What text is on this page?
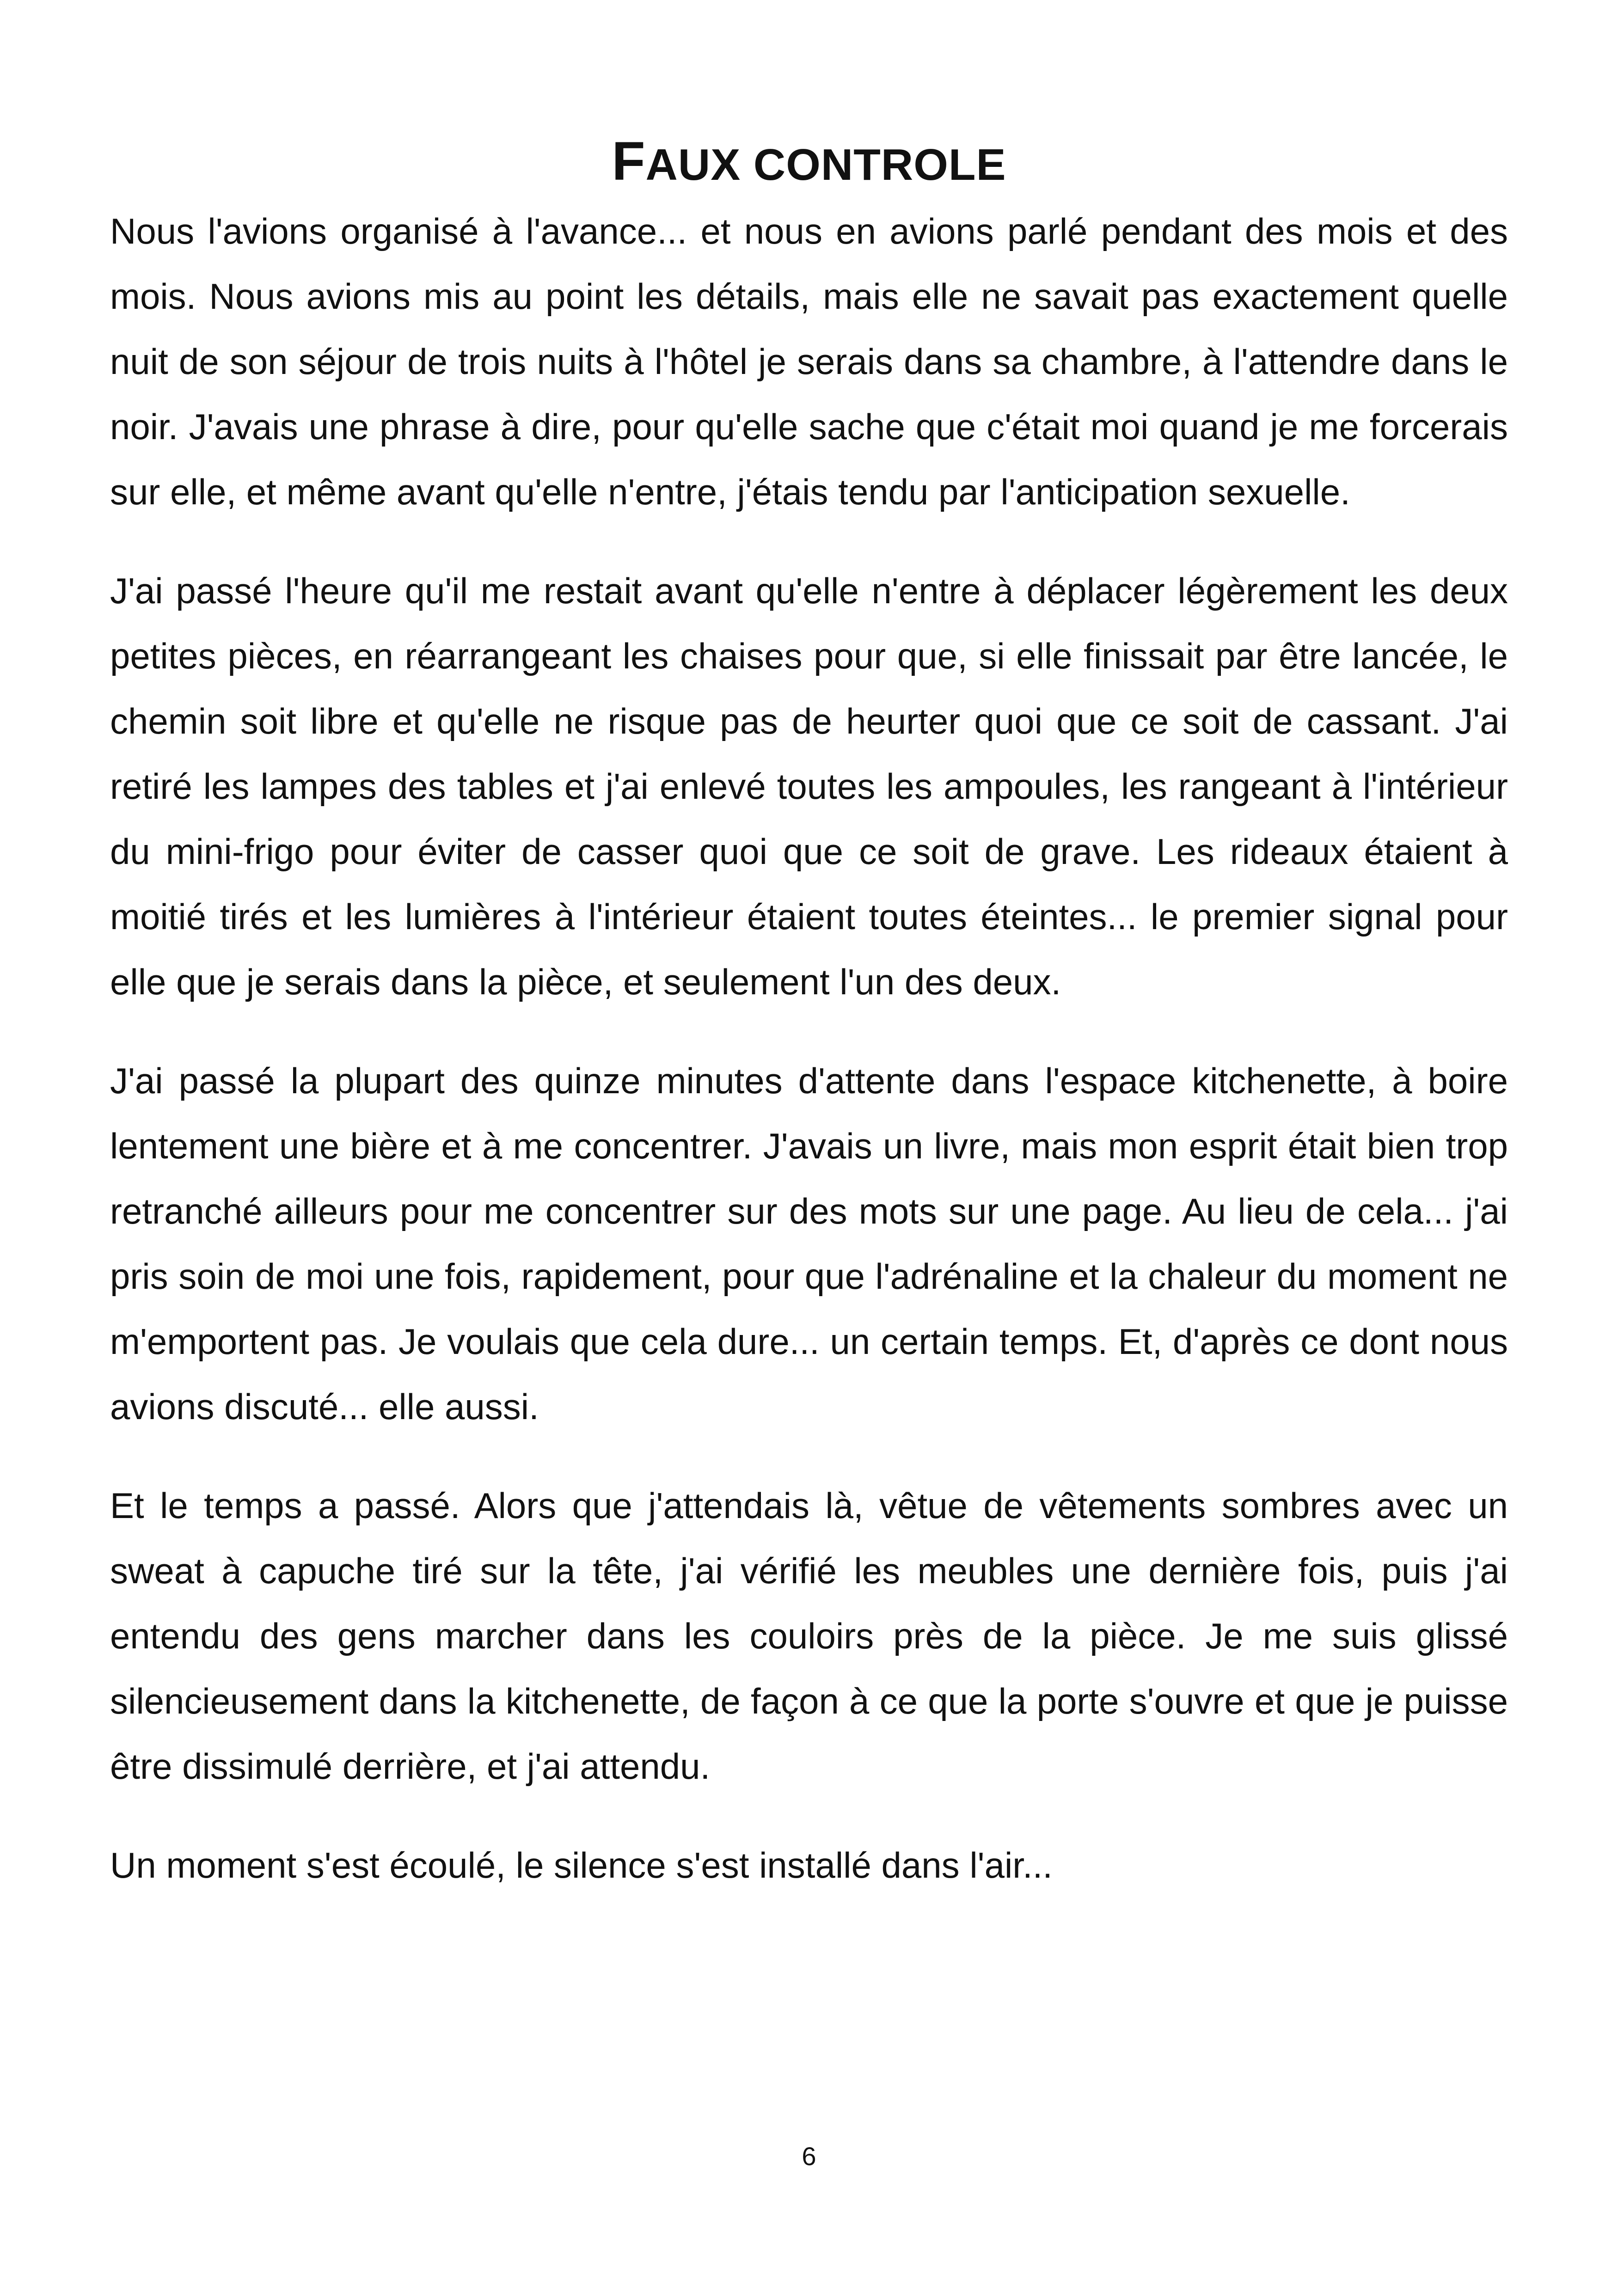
FAUX CONTROLE

Nous l'avions organisé à l'avance... et nous en avions parlé pendant des mois et des mois. Nous avions mis au point les détails, mais elle ne savait pas exactement quelle nuit de son séjour de trois nuits à l'hôtel je serais dans sa chambre, à l'attendre dans le noir. J'avais une phrase à dire, pour qu'elle sache que c'était moi quand je me forcerais sur elle, et même avant qu'elle n'entre, j'étais tendu par l'anticipation sexuelle.

J'ai passé l'heure qu'il me restait avant qu'elle n'entre à déplacer légèrement les deux petites pièces, en réarrangeant les chaises pour que, si elle finissait par être lancée, le chemin soit libre et qu'elle ne risque pas de heurter quoi que ce soit de cassant. J'ai retiré les lampes des tables et j'ai enlevé toutes les ampoules, les rangeant à l'intérieur du mini-frigo pour éviter de casser quoi que ce soit de grave. Les rideaux étaient à moitié tirés et les lumières à l'intérieur étaient toutes éteintes... le premier signal pour elle que je serais dans la pièce, et seulement l'un des deux.

J'ai passé la plupart des quinze minutes d'attente dans l'espace kitchenette, à boire lentement une bière et à me concentrer. J'avais un livre, mais mon esprit était bien trop retranché ailleurs pour me concentrer sur des mots sur une page. Au lieu de cela... j'ai pris soin de moi une fois, rapidement, pour que l'adrénaline et la chaleur du moment ne m'emportent pas. Je voulais que cela dure... un certain temps. Et, d'après ce dont nous avions discuté... elle aussi.

Et le temps a passé. Alors que j'attendais là, vêtue de vêtements sombres avec un sweat à capuche tiré sur la tête, j'ai vérifié les meubles une dernière fois, puis j'ai entendu des gens marcher dans les couloirs près de la pièce. Je me suis glissé silencieusement dans la kitchenette, de façon à ce que la porte s'ouvre et que je puisse être dissimulé derrière, et j'ai attendu.

Un moment s'est écoulé, le silence s'est installé dans l'air...

6
